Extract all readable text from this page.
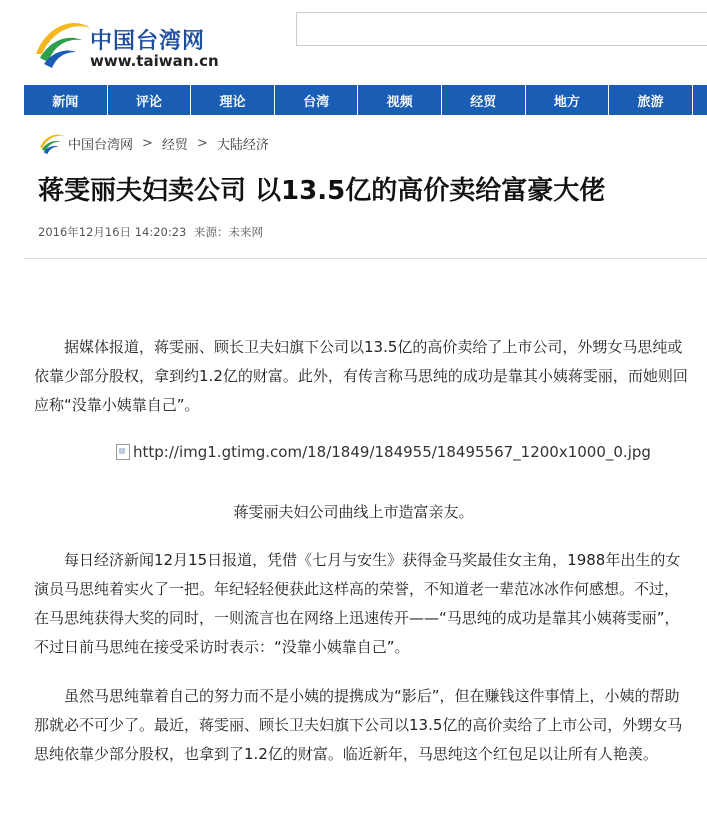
中国台湾网
www.taiwan.cn
新闻	评论	理论	台湾	视频	经贸	地方	旅游
中国台湾网 > 经贸 > 大陆经济
蒋雯丽夫妇卖公司 以13.5亿的高价卖给富豪大佬
2016年12月16日 14:20:23 来源：未来网

据媒体报道，蒋雯丽、顾长卫夫妇旗下公司以13.5亿的高价卖给了上市公司，外甥女马思纯或依靠少部分股权，拿到约1.2亿的财富。此外，有传言称马思纯的成功是靠其小姨蒋雯丽，而她则回应称“没靠小姨靠自己”。

http://img1.gtimg.com/18/1849/184955/18495567_1200x1000_0.jpg
蒋雯丽夫妇公司曲线上市造富亲友。

每日经济新闻12月15日报道，凭借《七月与安生》获得金马奖最佳女主角，1988年出生的女演员马思纯着实火了一把。年纪轻轻便获此这样高的荣誉，不知道老一辈范冰冰作何感想。不过，在马思纯获得大奖的同时，一则流言也在网络上迅速传开——“马思纯的成功是靠其小姨蒋雯丽”，不过日前马思纯在接受采访时表示：“没靠小姨靠自己”。

虽然马思纯靠着自己的努力而不是小姨的提携成为“影后”，但在赚钱这件事情上，小姨的帮助那就必不可少了。最近，蒋雯丽、顾长卫夫妇旗下公司以13.5亿的高价卖给了上市公司，外甥女马思纯依靠少部分股权，也拿到了1.2亿的财富。临近新年，马思纯这个红包足以让所有人艳羡。
